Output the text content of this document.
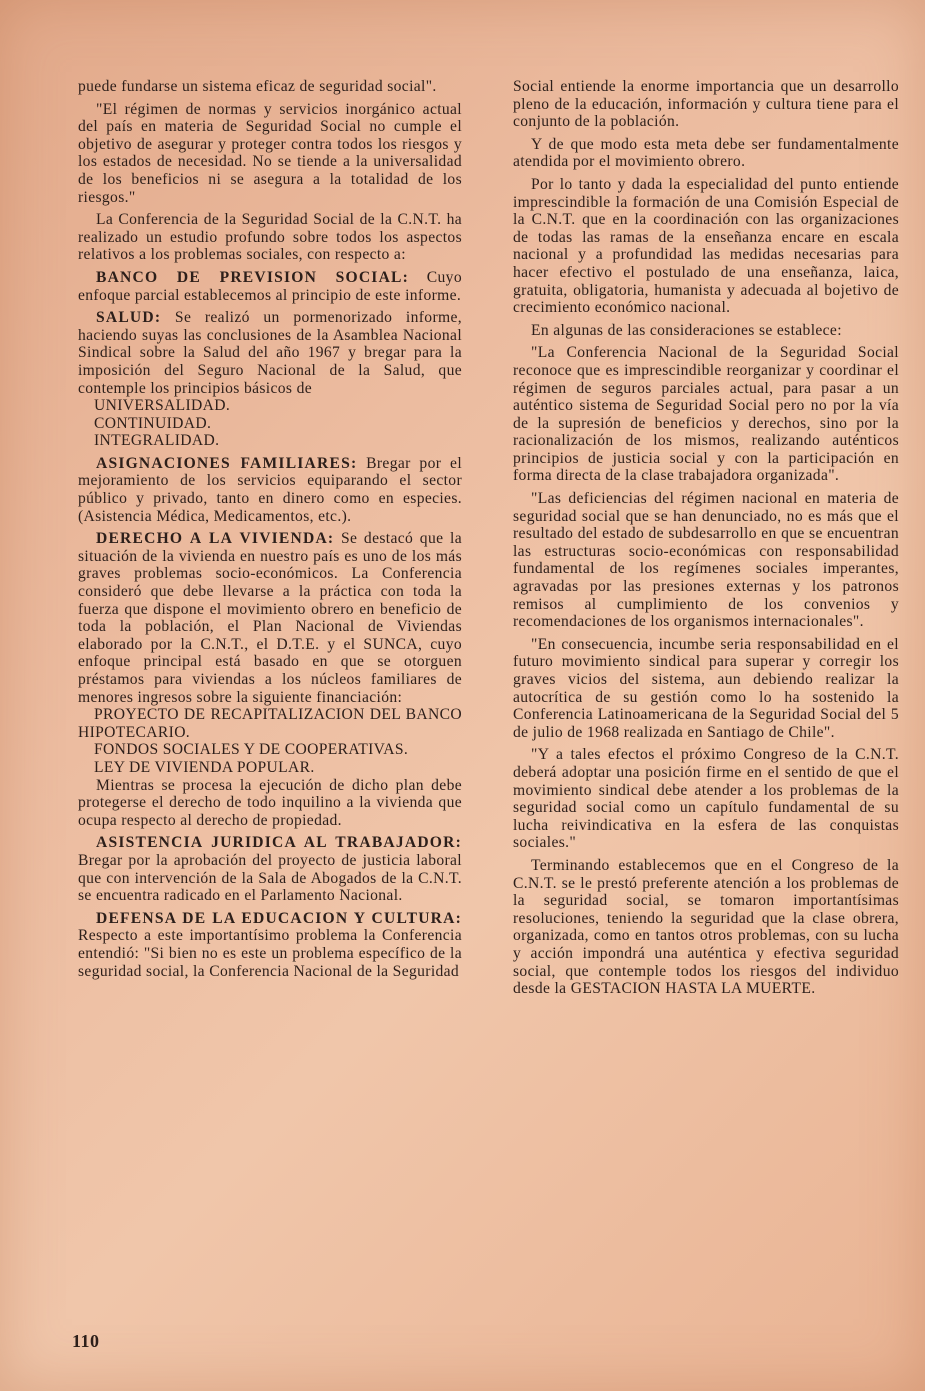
puede fundarse un sistema eficaz de seguridad social".

"El régimen de normas y servicios inorgánico actual del país en materia de Seguridad Social no cumple el objetivo de asegurar y proteger contra todos los riesgos y los estados de necesidad. No se tiende a la universalidad de los beneficios ni se asegura a la totalidad de los riesgos."

La Conferencia de la Seguridad Social de la C.N.T. ha realizado un estudio profundo sobre todos los aspectos relativos a los problemas sociales, con respecto a:

BANCO DE PREVISION SOCIAL: Cuyo enfoque parcial establecemos al principio de este informe.

SALUD: Se realizó un pormenorizado informe, haciendo suyas las conclusiones de la Asamblea Nacional Sindical sobre la Salud del año 1967 y bregar para la imposición del Seguro Nacional de la Salud, que contemple los principios básicos de

UNIVERSALIDAD.

CONTINUIDAD.

INTEGRALIDAD.

ASIGNACIONES FAMILIARES: Bregar por el mejoramiento de los servicios equiparando el sector público y privado, tanto en dinero como en especies. (Asistencia Médica, Medicamentos, etc.).

DERECHO A LA VIVIENDA: Se destacó que la situación de la vivienda en nuestro país es uno de los más graves problemas socio-económicos. La Conferencia consideró que debe llevarse a la práctica con toda la fuerza que dispone el movimiento obrero en beneficio de toda la población, el Plan Nacional de Viviendas elaborado por la C.N.T., el D.T.E. y el SUNCA, cuyo enfoque principal está basado en que se otorguen préstamos para viviendas a los núcleos familiares de menores ingresos sobre la siguiente financiación:

PROYECTO DE RECAPITALIZACION DEL BANCO HIPOTECARIO.

FONDOS SOCIALES Y DE COOPERATIVAS.

LEY DE VIVIENDA POPULAR.

Mientras se procesa la ejecución de dicho plan debe protegerse el derecho de todo inquilino a la vivienda que ocupa respecto al derecho de propiedad.

ASISTENCIA JURIDICA AL TRABAJADOR: Bregar por la aprobación del proyecto de justicia laboral que con intervención de la Sala de Abogados de la C.N.T. se encuentra radicado en el Parlamento Nacional.

DEFENSA DE LA EDUCACION Y CULTURA: Respecto a este importantísimo problema la Conferencia entendió: "Si bien no es este un problema específico de la seguridad social, la Conferencia Nacional de la Seguridad

Social entiende la enorme importancia que un desarrollo pleno de la educación, información y cultura tiene para el conjunto de la población.

Y de que modo esta meta debe ser fundamentalmente atendida por el movimiento obrero.

Por lo tanto y dada la especialidad del punto entiende imprescindible la formación de una Comisión Especial de la C.N.T. que en la coordinación con las organizaciones de todas las ramas de la enseñanza encare en escala nacional y a profundidad las medidas necesarias para hacer efectivo el postulado de una enseñanza, laica, gratuita, obligatoria, humanista y adecuada al bojetivo de crecimiento económico nacional.

En algunas de las consideraciones se establece:

"La Conferencia Nacional de la Seguridad Social reconoce que es imprescindible reorganizar y coordinar el régimen de seguros parciales actual, para pasar a un auténtico sistema de Seguridad Social pero no por la vía de la supresión de beneficios y derechos, sino por la racionalización de los mismos, realizando auténticos principios de justicia social y con la participación en forma directa de la clase trabajadora organizada".

"Las deficiencias del régimen nacional en materia de seguridad social que se han denunciado, no es más que el resultado del estado de subdesarrollo en que se encuentran las estructuras socio-económicas con responsabilidad fundamental de los regímenes sociales imperantes, agravadas por las presiones externas y los patronos remisos al cumplimiento de los convenios y recomendaciones de los organismos internacionales".

"En consecuencia, incumbe seria responsabilidad en el futuro movimiento sindical para superar y corregir los graves vicios del sistema, aun debiendo realizar la autocrítica de su gestión como lo ha sostenido la Conferencia Latinoamericana de la Seguridad Social del 5 de julio de 1968 realizada en Santiago de Chile".

"Y a tales efectos el próximo Congreso de la C.N.T. deberá adoptar una posición firme en el sentido de que el movimiento sindical debe atender a los problemas de la seguridad social como un capítulo fundamental de su lucha reivindicativa en la esfera de las conquistas sociales."

Terminando establecemos que en el Congreso de la C.N.T. se le prestó preferente atención a los problemas de la seguridad social, se tomaron importantísimas resoluciones, teniendo la seguridad que la clase obrera, organizada, como en tantos otros problemas, con su lucha y acción impondrá una auténtica y efectiva seguridad social, que contemple todos los riesgos del individuo desde la GESTACION HASTA LA MUERTE.

110
